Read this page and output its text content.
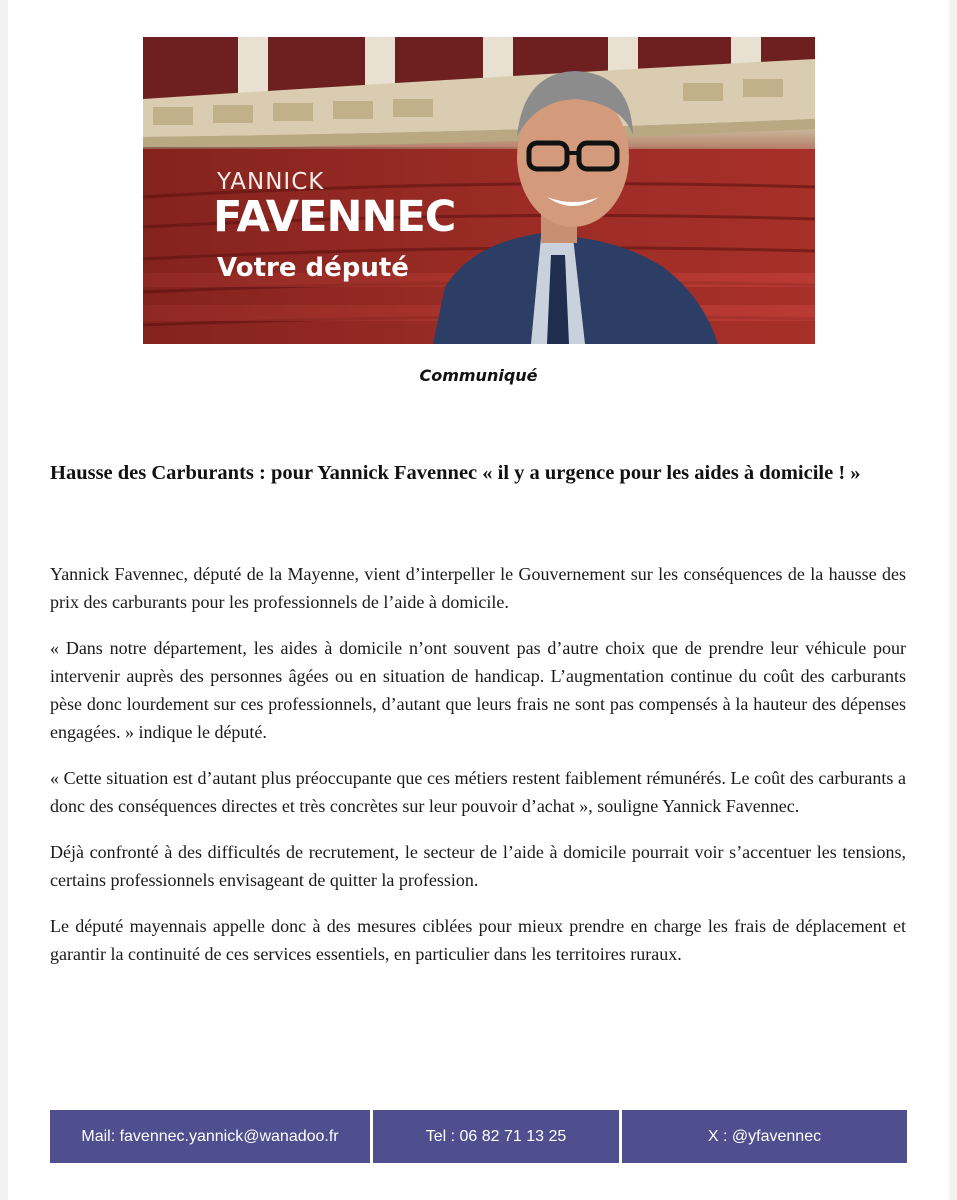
YANNICK
FAVENNEC
Votre député
Communiqué
Hausse des Carburants : pour Yannick Favennec « il y a urgence pour les aides à domicile ! »

Yannick Favennec, député de la Mayenne, vient d’interpeller le Gouvernement sur les conséquences de la hausse des prix des carburants pour les professionnels de l’aide à domicile.

« Dans notre département, les aides à domicile n’ont souvent pas d’autre choix que de prendre leur véhicule pour intervenir auprès des personnes âgées ou en situation de handicap. L’augmentation continue du coût des carburants pèse donc lourdement sur ces professionnels, d’autant que leurs frais ne sont pas compensés à la hauteur des dépenses engagées. » indique le député.

« Cette situation est d’autant plus préoccupante que ces métiers restent faiblement rémunérés. Le coût des carburants a donc des conséquences directes et très concrètes sur leur pouvoir d’achat », souligne Yannick Favennec.

Déjà confronté à des difficultés de recrutement, le secteur de l’aide à domicile pourrait voir s’accentuer les tensions, certains professionnels envisageant de quitter la profession.

Le député mayennais appelle donc à des mesures ciblées pour mieux prendre en charge les frais de déplacement et garantir la continuité de ces services essentiels, en particulier dans les territoires ruraux.

Mail: favennec.yannick@wanadoo.fr	Tel : 06 82 71 13 25	X : @yfavennec
